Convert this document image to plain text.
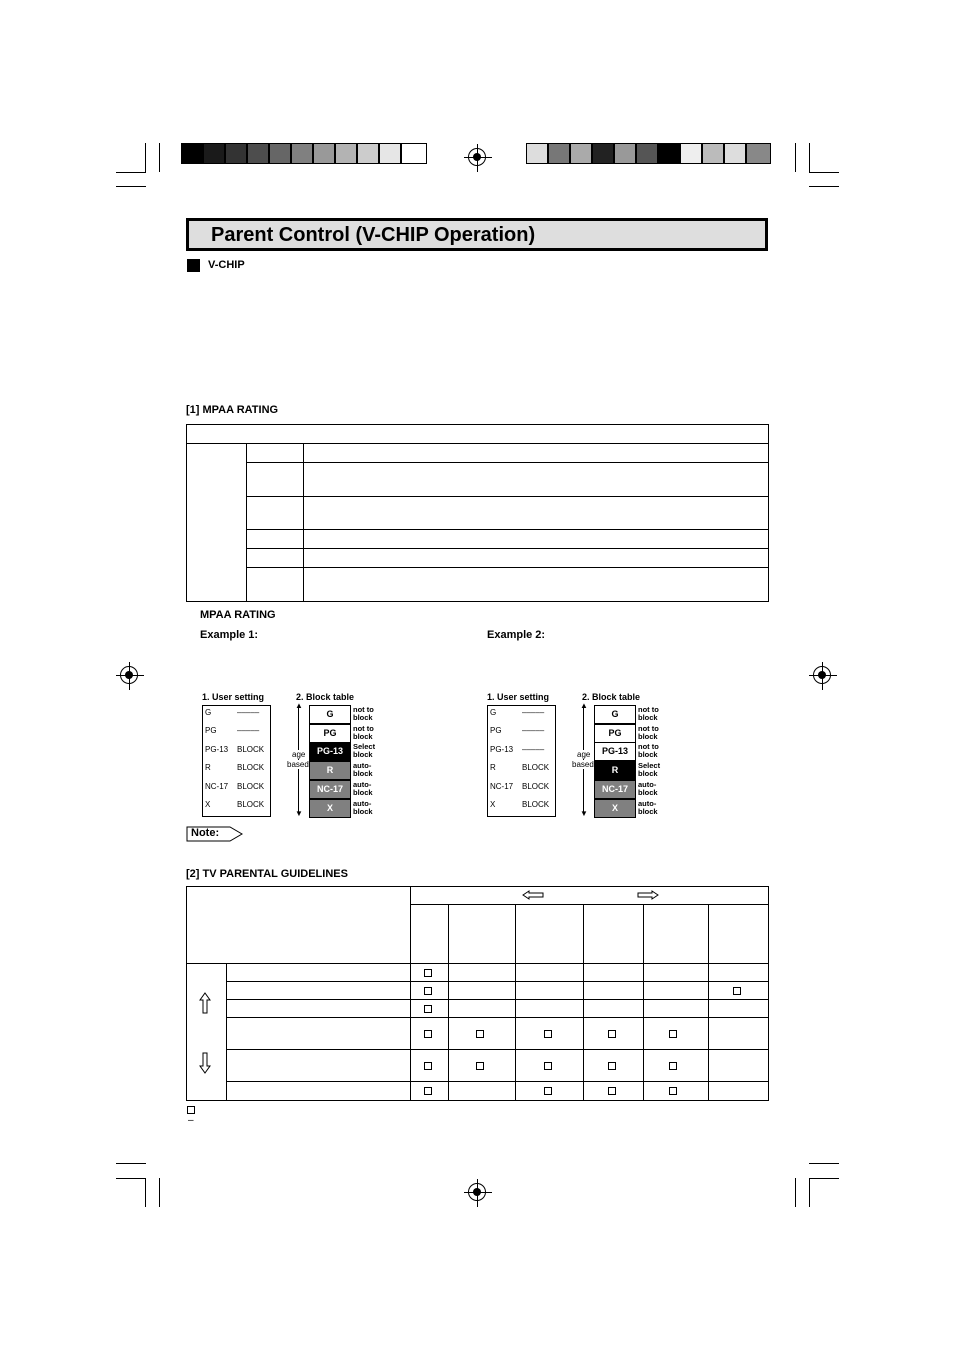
Parent Control (V-CHIP Operation)
V-CHIP
[1] MPAA RATING
MPAA RATING
Example 1:	Example 2:
1. User setting	2. Block table
G	–––––
PG	–––––
PG-13 BLOCK
R	BLOCK
NC-17 BLOCK
X	BLOCK
▲
▼
age
based
G	not to
block
PG	not to
block
PG-13	Select
block
R	auto-
block
NC-17	auto-
block
X	auto-
block
1. User setting	2. Block table
G	–––––
PG	–––––
PG-13 –––––
R	BLOCK
NC-17 BLOCK
X	BLOCK
▲
▼
age
based
G	not to
block
PG	not to
block
PG-13	not to
block
R	Select
block
NC-17	auto-
block
X	auto-
block
Note:
[2] TV PARENTAL GUIDELINES
–
